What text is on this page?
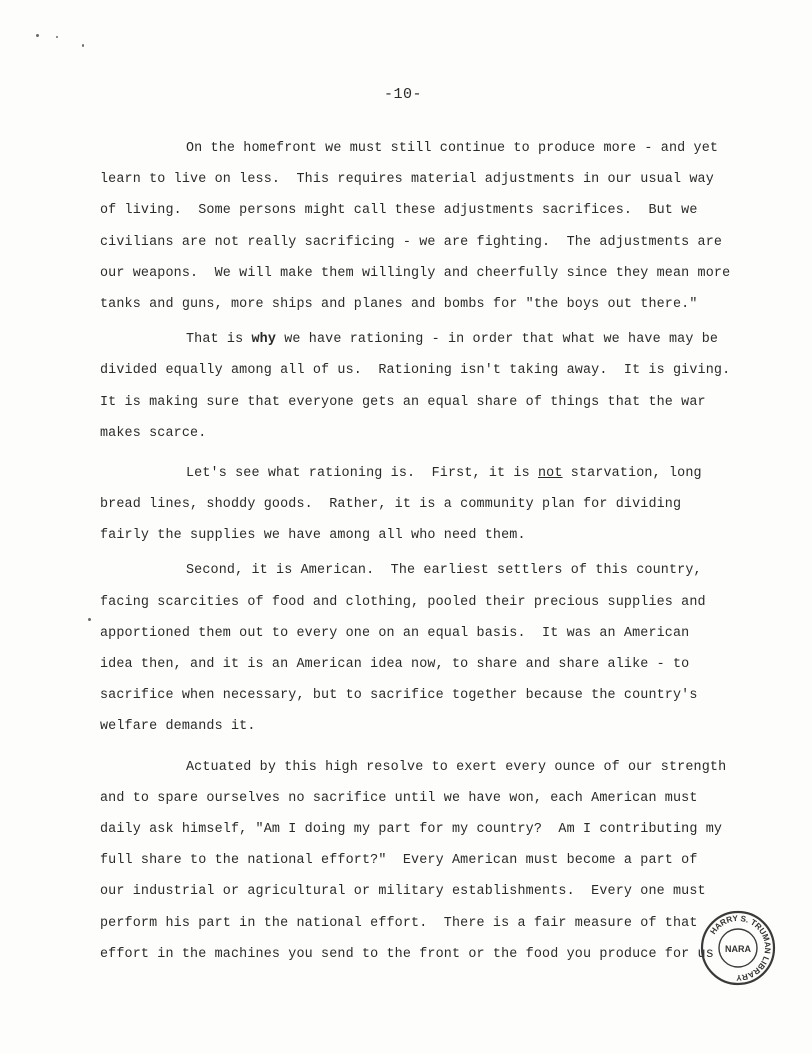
-10-
On the homefront we must still continue to produce more - and yet
learn to live on less.  This requires material adjustments in our usual way
of living.  Some persons might call these adjustments sacrifices.  But we
civilians are not really sacrificing - we are fighting.  The adjustments are
our weapons.  We will make them willingly and cheerfully since they mean more
tanks and guns, more ships and planes and bombs for "the boys out there."
That is why we have rationing - in order that what we have may be
divided equally among all of us.  Rationing isn't taking away.  It is giving.
It is making sure that everyone gets an equal share of things that the war
makes scarce.
Let's see what rationing is.  First, it is not starvation, long
bread lines, shoddy goods.  Rather, it is a community plan for dividing
fairly the supplies we have among all who need them.
Second, it is American.  The earliest settlers of this country,
facing scarcities of food and clothing, pooled their precious supplies and
apportioned them out to every one on an equal basis.  It was an American
idea then, and it is an American idea now, to share and share alike - to
sacrifice when necessary, but to sacrifice together because the country's
welfare demands it.
Actuated by this high resolve to exert every ounce of our strength
and to spare ourselves no sacrifice until we have won, each American must
daily ask himself, "Am I doing my part for my country?  Am I contributing my
full share to the national effort?"  Every American must become a part of
our industrial or agricultural or military establishments.  Every one must
perform his part in the national effort.  There is a fair measure of that
effort in the machines you send to the front or the food you produce for us
HARRY S. TRUMAN LIBRARY
NARA
